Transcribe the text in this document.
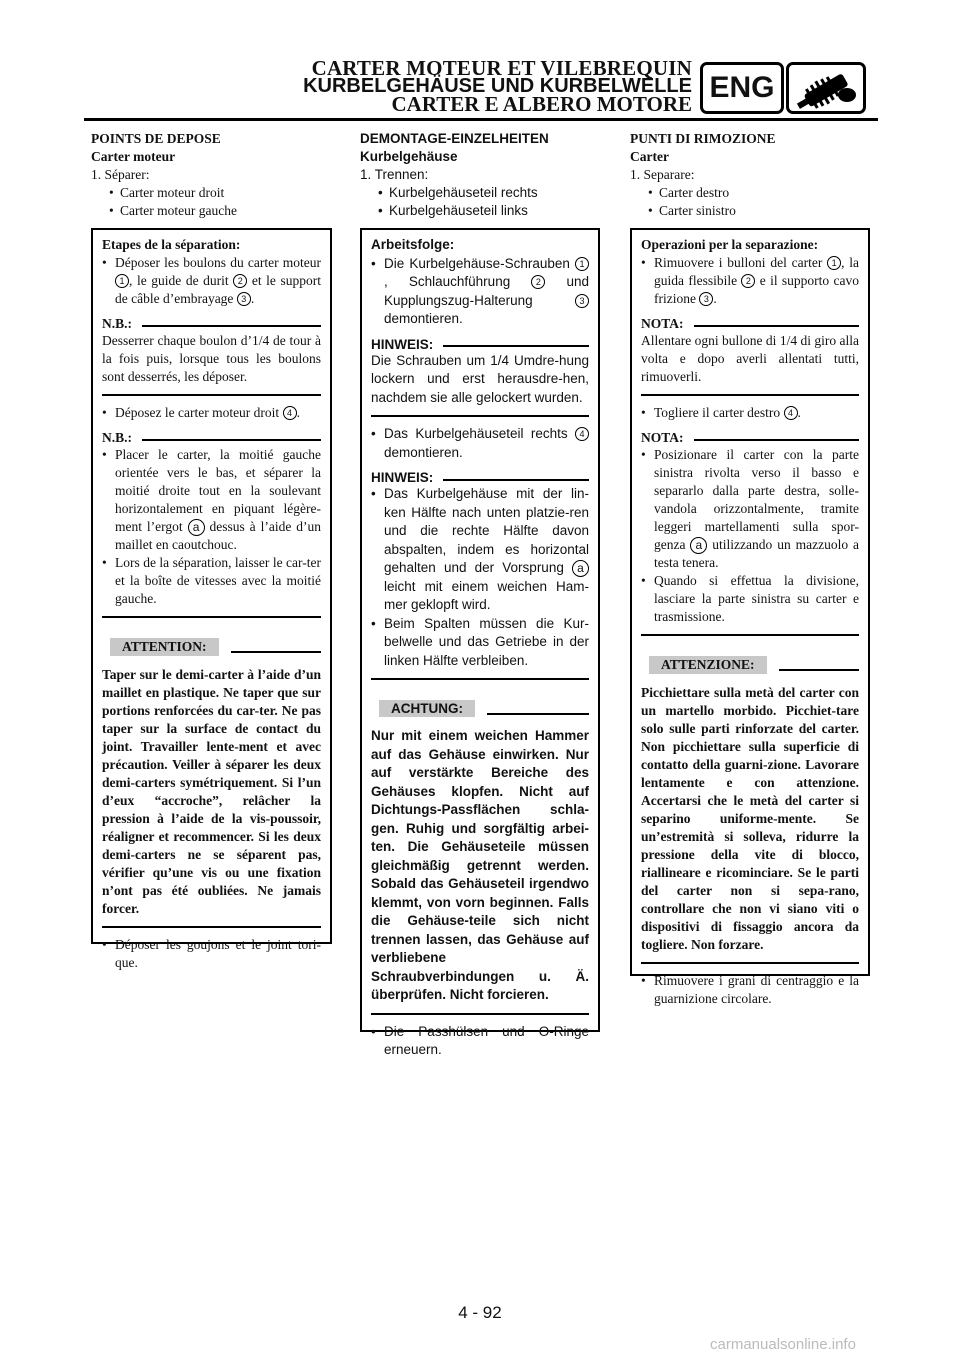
CARTER MOTEUR ET VILEBREQUIN
KURBELGEHÄUSE UND KURBELWELLE
CARTER E ALBERO MOTORE ENG
POINTS DE DEPOSE
Carter moteur
1. Séparer:
• Carter moteur droit
• Carter moteur gauche
Etapes de la séparation:
• Déposer les boulons du carter moteur 1 , le guide de durit 2 et le support de câble d’embrayage 3 .
N.B.:
Desserrer chaque boulon d’1/4 de tour à la fois puis, lorsque tous les boulons sont desserrés, les déposer.
• Déposez le carter moteur droit 4 .
N.B.:
• Placer le carter, la moitié gauche orientée vers le bas, et séparer la moitié droite tout en la soulevant horizontalement en piquant légère-ment l’ergot a dessus à l’aide d’un maillet en caoutchouc.
• Lors de la séparation, laisser le car-ter et la boîte de vitesses avec la moitié gauche.
ATTENTION:
Taper sur le demi-carter à l’aide d’un maillet en plastique. Ne taper que sur portions renforcées du car-ter. Ne pas taper sur la surface de contact du joint. Travailler lente-ment et avec précaution. Veiller à séparer les deux demi-carters symétriquement. Si l’un d’eux “accroche”, relâcher la pression à l’aide de la vis-poussoir, réaligner et recommencer. Si les deux demi-carters ne se séparent pas, vérifier qu’une vis ou une fixation n’ont pas été oubliées. Ne jamais forcer.
• Déposer les goujons et le joint tori-que.
DEMONTAGE-EINZELHEITEN
Kurbelgehäuse
1. Trennen:
• Kurbelgehäuseteil rechts
• Kurbelgehäuseteil links
Arbeitsfolge:
• Die Kurbelgehäuse-Schrauben 1, Schlauchführung 2 und Kupplungszug-Halterung 3 demontieren.
HINWEIS:
Die Schrauben um 1/4 Umdre-hung lockern und erst herausdre-hen, nachdem sie alle gelockert wurden.
• Das Kurbelgehäuseteil rechts 4 demontieren.
HINWEIS:
• Das Kurbelgehäuse mit der lin-ken Hälfte nach unten platzie-ren und die rechte Hälfte davon abspalten, indem es horizontal gehalten und der Vorsprung a leicht mit einem weichen Ham-mer geklopft wird.
• Beim Spalten müssen die Kur-belwelle und das Getriebe in der linken Hälfte verbleiben.
ACHTUNG:
Nur mit einem weichen Hammer auf das Gehäuse einwirken. Nur auf verstärkte Bereiche des Gehäuses klopfen. Nicht auf Dichtungs-Passflächen schla-gen. Ruhig und sorgfältig arbei-ten. Die Gehäuseteile müssen gleichmäßig getrennt werden. Sobald das Gehäuseteil irgendwo klemmt, von vorn beginnen. Falls die Gehäuse-teile sich nicht trennen lassen, das Gehäuse auf verbliebene Schraubverbindungen u. Ä. überprüfen. Nicht forcieren.
• Die Passhülsen und O-Ringe erneuern.
PUNTI DI RIMOZIONE
Carter
1. Separare:
• Carter destro
• Carter sinistro
Operazioni per la separazione:
• Rimuovere i bulloni del carter 1 , la guida flessibile 2 e il supporto cavo frizione 3 .
NOTA:
Allentare ogni bullone di 1/4 di giro alla volta e dopo averli allentati tutti, rimuoverli.
• Togliere il carter destro 4 .
NOTA:
• Posizionare il carter con la parte sinistra rivolta verso il basso e separarlo dalla parte destra, solle-vandola orizzontalmente, tramite leggeri martellamenti sulla spor-genza a utilizzando un mazzuolo a testa tenera.
• Quando si effettua la divisione, lasciare la parte sinistra su carter e trasmissione.
ATTENZIONE:
Picchiettare sulla metà del carter con un martello morbido. Picchiet-tare solo sulle parti rinforzate del carter. Non picchiettare sulla superficie di contatto della guarni-zione. Lavorare lentamente e con attenzione. Accertarsi che le metà del carter si separino uniforme-mente. Se un’estremità si solleva, ridurre la pressione della vite di blocco, riallineare e ricominciare. Se le parti del carter non si sepa-rano, controllare che non vi siano viti o dispositivi di fissaggio ancora da togliere. Non forzare.
• Rimuovere i grani di centraggio e la guarnizione circolare.
4 - 92
carmanualsonline.info
